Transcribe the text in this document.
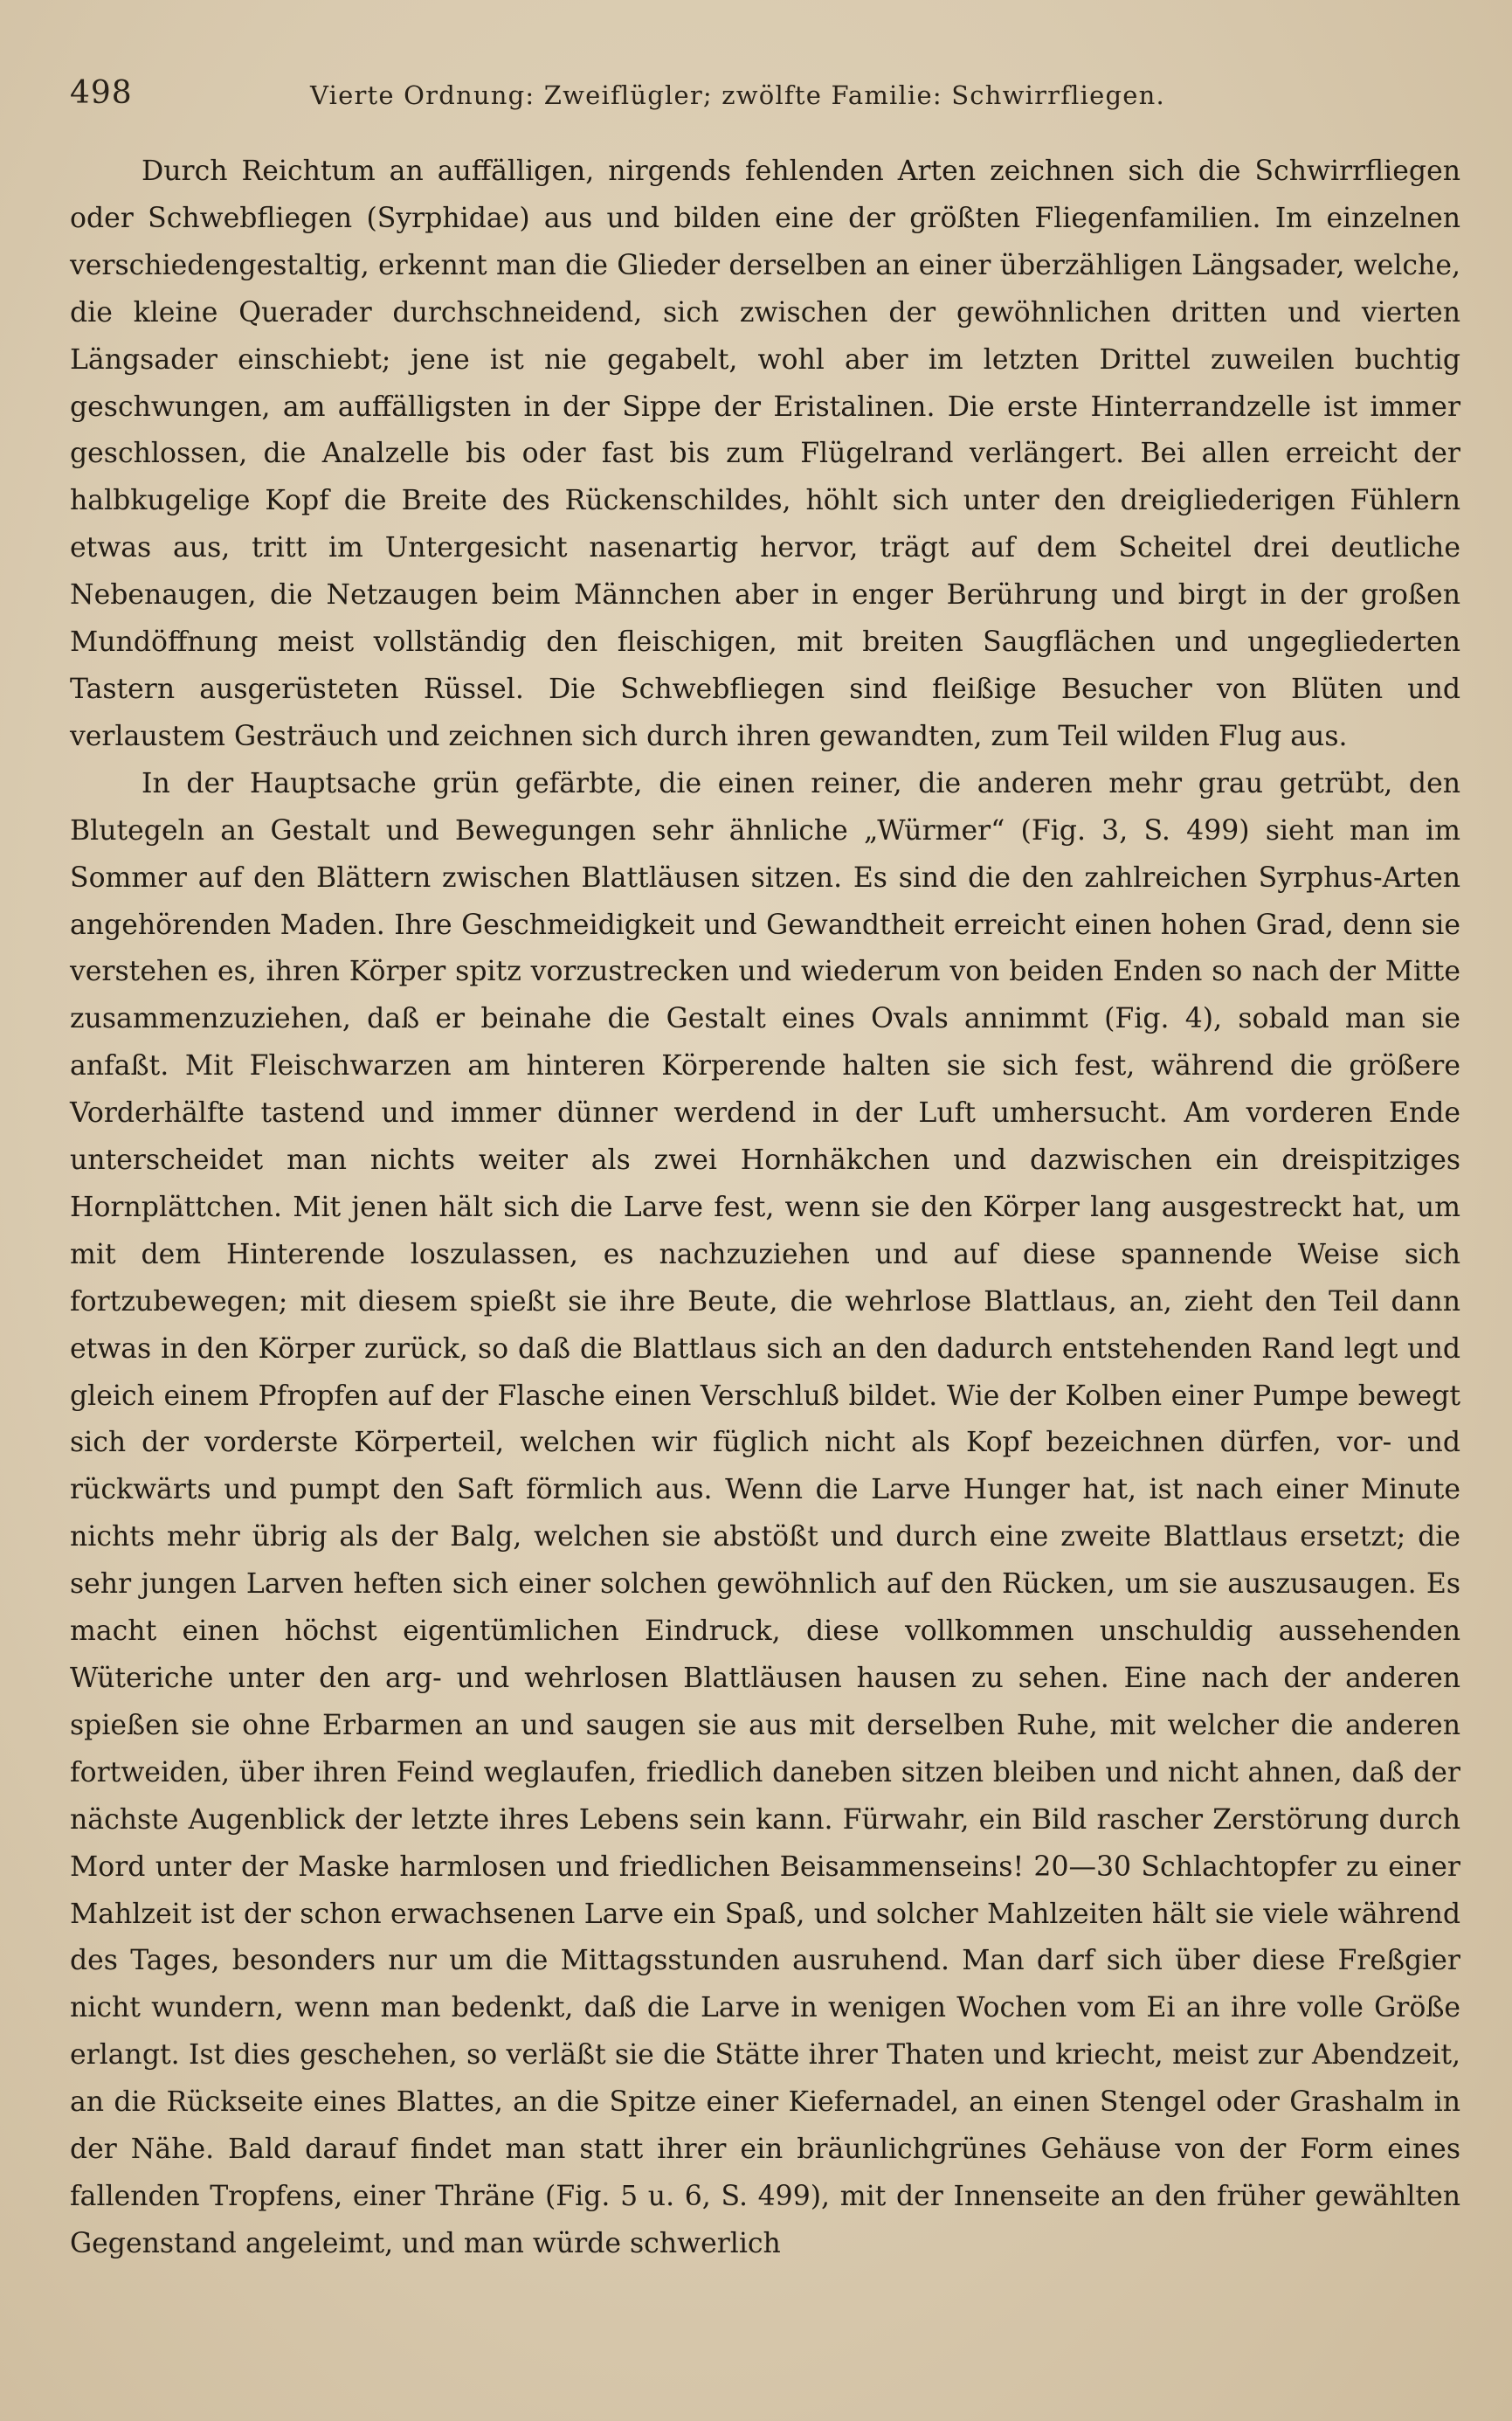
498	Vierte Ordnung: Zweiflügler; zwölfte Familie: Schwirrfliegen.

Durch Reichtum an auffälligen, nirgends fehlenden Arten zeichnen sich die Schwirrfliegen oder Schwebfliegen (Syrphidae) aus und bilden eine der größten Fliegenfamilien. Im einzelnen verschiedengestaltig, erkennt man die Glieder derselben an einer überzähligen Längsader, welche, die kleine Querader durchschneidend, sich zwischen der gewöhnlichen dritten und vierten Längsader einschiebt; jene ist nie gegabelt, wohl aber im letzten Drittel zuweilen buchtig geschwungen, am auffälligsten in der Sippe der Eristalinen. Die erste Hinterrandzelle ist immer geschlossen, die Analzelle bis oder fast bis zum Flügelrand verlängert. Bei allen erreicht der halbkugelige Kopf die Breite des Rückenschildes, höhlt sich unter den dreigliederigen Fühlern etwas aus, tritt im Untergesicht nasenartig hervor, trägt auf dem Scheitel drei deutliche Nebenaugen, die Netzaugen beim Männchen aber in enger Berührung und birgt in der großen Mundöffnung meist vollständig den fleischigen, mit breiten Saugflächen und ungegliederten Tastern ausgerüsteten Rüssel. Die Schwebfliegen sind fleißige Besucher von Blüten und verlaustem Gesträuch und zeichnen sich durch ihren gewandten, zum Teil wilden Flug aus.

In der Hauptsache grün gefärbte, die einen reiner, die anderen mehr grau getrübt, den Blutegeln an Gestalt und Bewegungen sehr ähnliche „Würmer“ (Fig. 3, S. 499) sieht man im Sommer auf den Blättern zwischen Blattläusen sitzen. Es sind die den zahlreichen Syrphus-Arten angehörenden Maden. Ihre Geschmeidigkeit und Gewandtheit erreicht einen hohen Grad, denn sie verstehen es, ihren Körper spitz vorzustrecken und wiederum von beiden Enden so nach der Mitte zusammenzuziehen, daß er beinahe die Gestalt eines Ovals annimmt (Fig. 4), sobald man sie anfaßt. Mit Fleischwarzen am hinteren Körperende halten sie sich fest, während die größere Vorderhälfte tastend und immer dünner werdend in der Luft umhersucht. Am vorderen Ende unterscheidet man nichts weiter als zwei Hornhäkchen und dazwischen ein dreispitziges Hornplättchen. Mit jenen hält sich die Larve fest, wenn sie den Körper lang ausgestreckt hat, um mit dem Hinterende loszulassen, es nachzuziehen und auf diese spannende Weise sich fortzubewegen; mit diesem spießt sie ihre Beute, die wehrlose Blattlaus, an, zieht den Teil dann etwas in den Körper zurück, so daß die Blattlaus sich an den dadurch entstehenden Rand legt und gleich einem Pfropfen auf der Flasche einen Verschluß bildet. Wie der Kolben einer Pumpe bewegt sich der vorderste Körperteil, welchen wir füglich nicht als Kopf bezeichnen dürfen, vor- und rückwärts und pumpt den Saft förmlich aus. Wenn die Larve Hunger hat, ist nach einer Minute nichts mehr übrig als der Balg, welchen sie abstößt und durch eine zweite Blattlaus ersetzt; die sehr jungen Larven heften sich einer solchen gewöhnlich auf den Rücken, um sie auszusaugen. Es macht einen höchst eigentümlichen Eindruck, diese vollkommen unschuldig aussehenden Wüteriche unter den arg- und wehrlosen Blattläusen hausen zu sehen. Eine nach der anderen spießen sie ohne Erbarmen an und saugen sie aus mit derselben Ruhe, mit welcher die anderen fortweiden, über ihren Feind weglaufen, friedlich daneben sitzen bleiben und nicht ahnen, daß der nächste Augenblick der letzte ihres Lebens sein kann. Fürwahr, ein Bild rascher Zerstörung durch Mord unter der Maske harmlosen und friedlichen Beisammenseins! 20—30 Schlachtopfer zu einer Mahlzeit ist der schon erwachsenen Larve ein Spaß, und solcher Mahlzeiten hält sie viele während des Tages, besonders nur um die Mittagsstunden ausruhend. Man darf sich über diese Freßgier nicht wundern, wenn man bedenkt, daß die Larve in wenigen Wochen vom Ei an ihre volle Größe erlangt. Ist dies geschehen, so verläßt sie die Stätte ihrer Thaten und kriecht, meist zur Abendzeit, an die Rückseite eines Blattes, an die Spitze einer Kiefernadel, an einen Stengel oder Grashalm in der Nähe. Bald darauf findet man statt ihrer ein bräunlichgrünes Gehäuse von der Form eines fallenden Tropfens, einer Thräne (Fig. 5 u. 6, S. 499), mit der Innenseite an den früher gewählten Gegenstand angeleimt, und man würde schwerlich
